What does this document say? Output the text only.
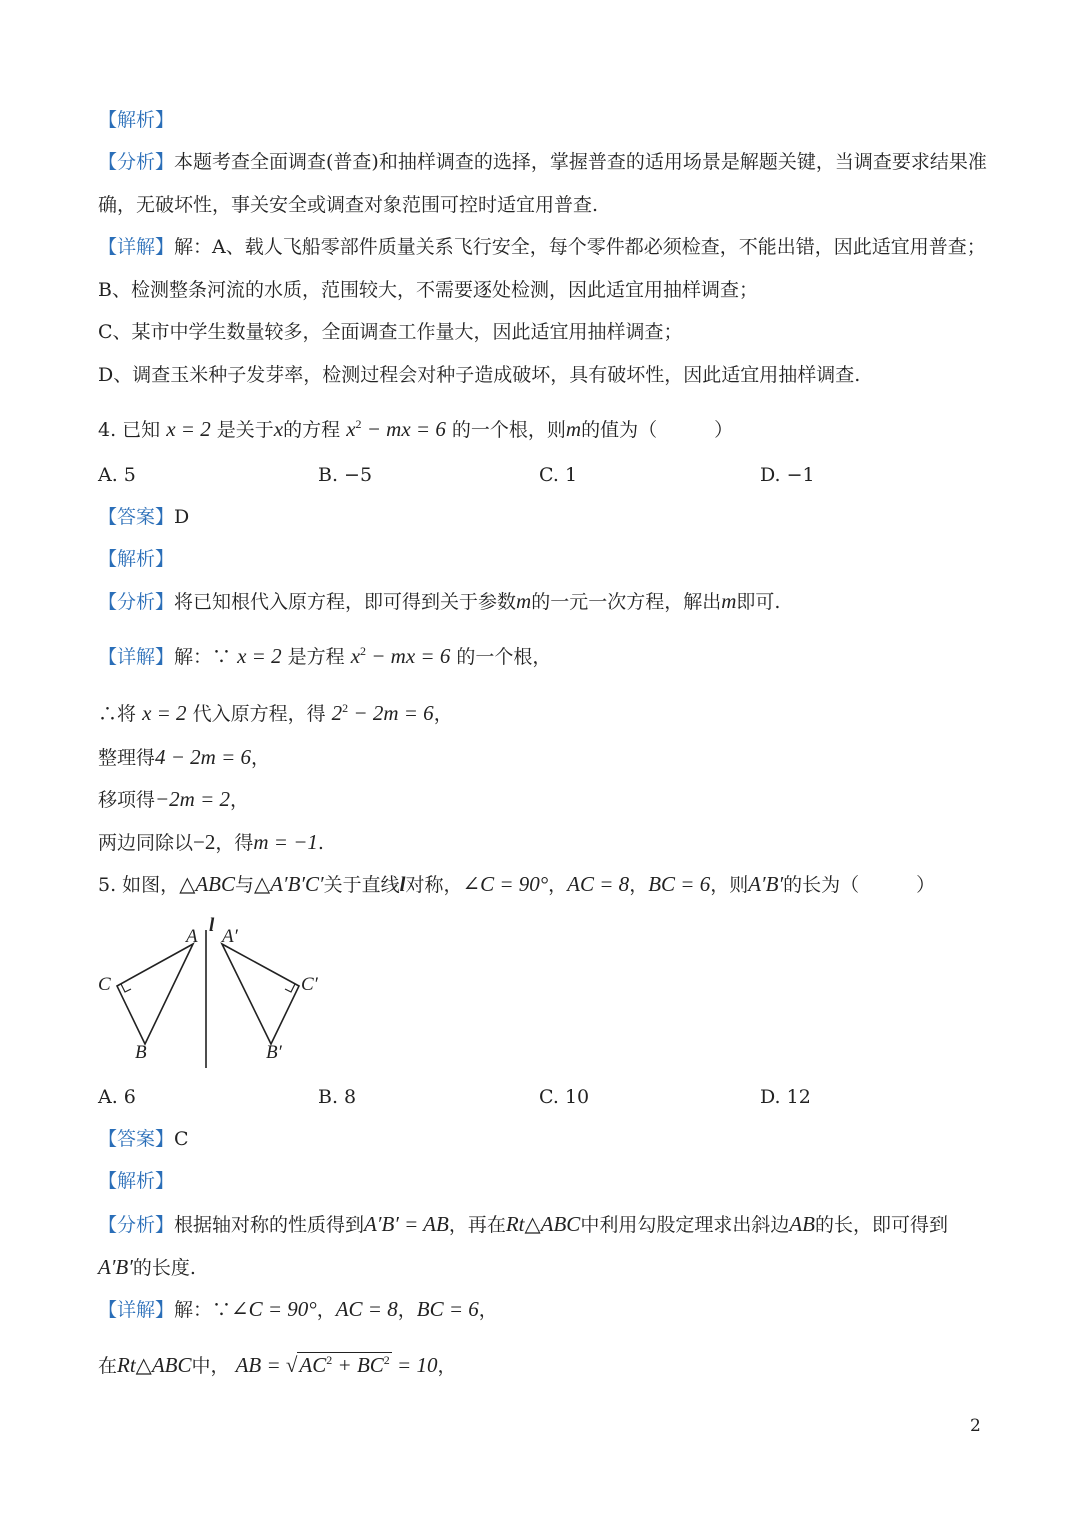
【解析】
【分析】本题考查全面调查(普查)和抽样调查的选择，掌握普查的适用场景是解题关键，当调查要求结果准
确，无破坏性，事关安全或调查对象范围可控时适宜用普查.
【详解】解：A、载人飞船零部件质量关系飞行安全，每个零件都必须检查，不能出错，因此适宜用普查；
B、检测整条河流的水质，范围较大，不需要逐处检测，因此适宜用抽样调查；
C、某市中学生数量较多，全面调查工作量大，因此适宜用抽样调查；
D、调查玉米种子发芽率，检测过程会对种子造成破坏，具有破坏性，因此适宜用抽样调查.
4. 已知 x = 2 是关于x的方程 $x^2$ − mx = 6 的一个根，则m的值为（　　　）
A. 5	B. −5	C. 1	D. −1
【答案】D
【解析】
【分析】将已知根代入原方程，即可得到关于参数m的一元一次方程，解出m即可.
【详解】解：∵ x = 2 是方程 $x^2$ − mx = 6 的一个根，
∴将 x = 2 代入原方程，得 $2^2 - 2m = 6$，
整理得4 − 2m = 6，
移项得−2m = 2，
两边同除以−2，得m = −1.
5. 如图，△ABC与△A′B′C′关于直线l对称，∠C = 90°，AC = 8，BC = 6，则A′B′的长为（　　　）
A
C
B
l
A′
C′
B′
A. 6	B. 8	C. 10	D. 12
【答案】C
【解析】
【分析】根据轴对称的性质得到A′B′ = AB，再在Rt△ABC中利用勾股定理求出斜边AB的长，即可得到
A′B′的长度.
【详解】解：∵∠C = 90°，AC = 8，BC = 6，
在Rt△ABC中， AB = $√AC^2 + BC^2 = 10$，
2
